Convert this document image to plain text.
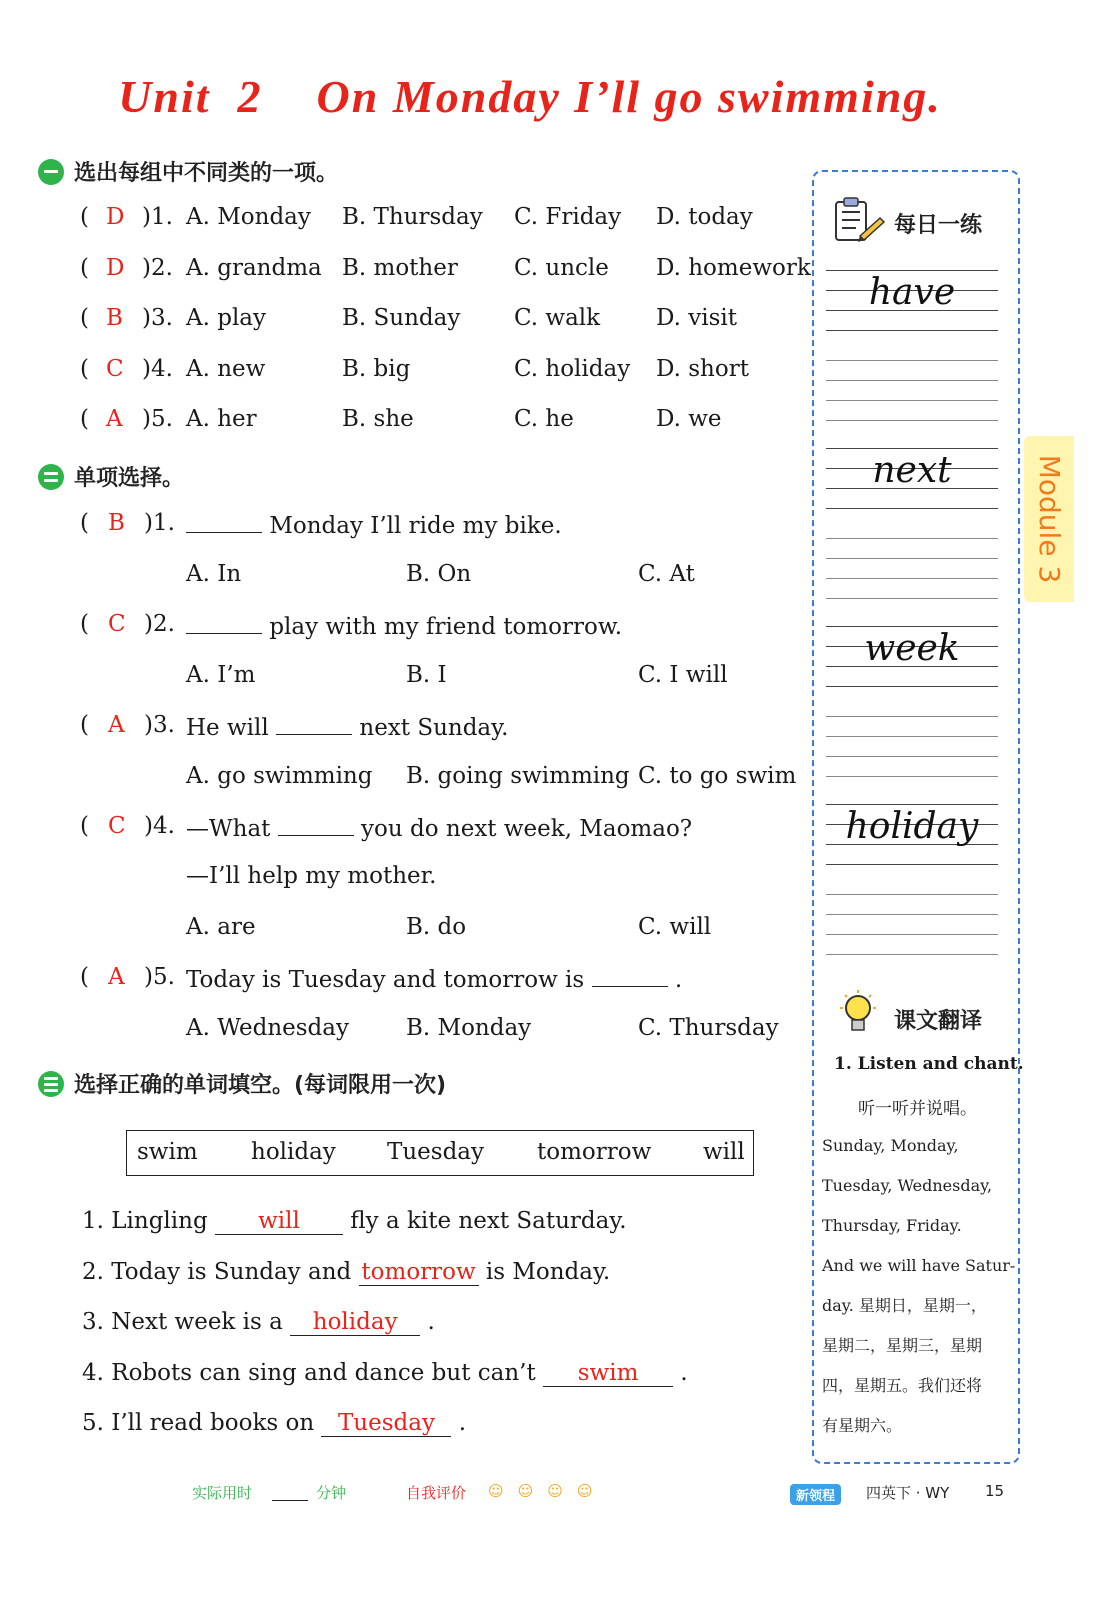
Unit  2    On Monday I’ll go swimming.
选出每组中不同类的一项。
( D )1. A. Monday B. Thursday C. Friday D. today
( D )2. A. grandma B. mother C. uncle D. homework
( B )3. A. play	B. Sunday C. walk D. visit
( C )4. A. new	B. big	C. holiday D. short
( A )5. A. her	B. she	C. he	D. we
单项选择。
( B )1.	Monday I’ll ride my bike.
A. In	B. On	C. At
( C )2.	play with my friend tomorrow.
A. I’m	B. I	C. I will
( A )3. He will	next Sunday.
A. go swimming B. going swimming C. to go swim
( C )4. —What	you do next week, Maomao?
—I’ll help my mother.
A. are	B. do	C. will
( A )5. Today is Tuesday and tomorrow is	.
A. Wednesday B. Monday	C. Thursday
选择正确的单词填空。(每词限用一次)
swim holiday Tuesday tomorrow will
1. Lingling will fly a kite next Saturday.
2. Today is Sunday and tomorrow is Monday.
3. Next week is a holiday .
4. Robots can sing and dance but can’t swim .
5. I’ll read books on Tuesday .
每日一练
have
next
week
holiday
课文翻译
1. Listen and chant.
听一听并说唱。
Sunday, Monday,
Tuesday, Wednesday,
Thursday, Friday.
And we will have Satur-
day. 星期日，星期一，
星期二，星期三，星期
四，星期五。我们还将
有星期六。
Module 3
实际用时	分钟	自我评价 ☺☺☺☺	新领程	四英下 · WY 15
